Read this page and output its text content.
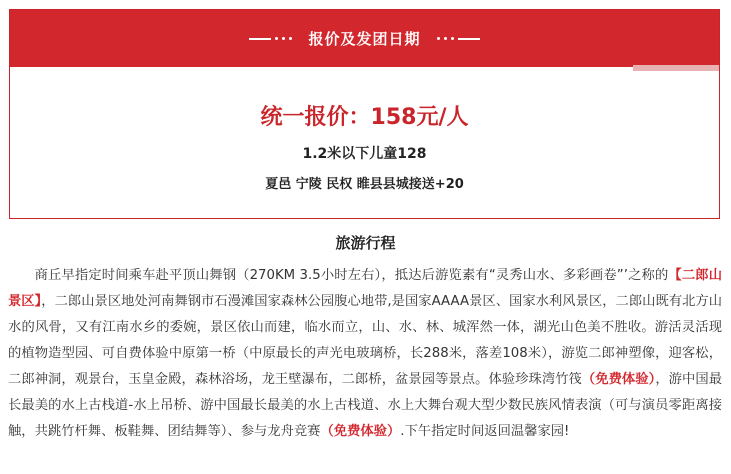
报价及发团日期
统一报价：158元/人
1.2米以下儿童128
夏邑 宁陵 民权 睢县县城接送+20
旅游行程

商丘早指定时间乘车赴平顶山舞钢（270KM 3.5小时左右），抵达后游览素有“灵秀山水、多彩画卷”’之称的【二郎山景区】，二郎山景区地处河南舞钢市石漫滩国家森林公园腹心地带,是国家AAAA景区、国家水利风景区，二郎山既有北方山水的风骨，又有江南水乡的委婉，景区依山而建，临水而立，山、水、林、城浑然一体，湖光山色美不胜收。游活灵活现的植物造型园、可自费体验中原第一桥（中原最长的声光电玻璃桥，长288米，落差108米），游览二郎神塑像，迎客松，二郎神洞，观景台，玉皇金殿，森林浴场，龙王壁瀑布，二郎桥，盆景园等景点。体验珍珠湾竹筏（免费体验），游中国最长最美的水上古栈道-水上吊桥、游中国最长最美的水上古栈道、水上大舞台观大型少数民族风情表演（可与演员零距离接触，共跳竹杆舞、板鞋舞、团结舞等）、参与龙舟竞赛（免费体验）.下午指定时间返回温馨家园!
